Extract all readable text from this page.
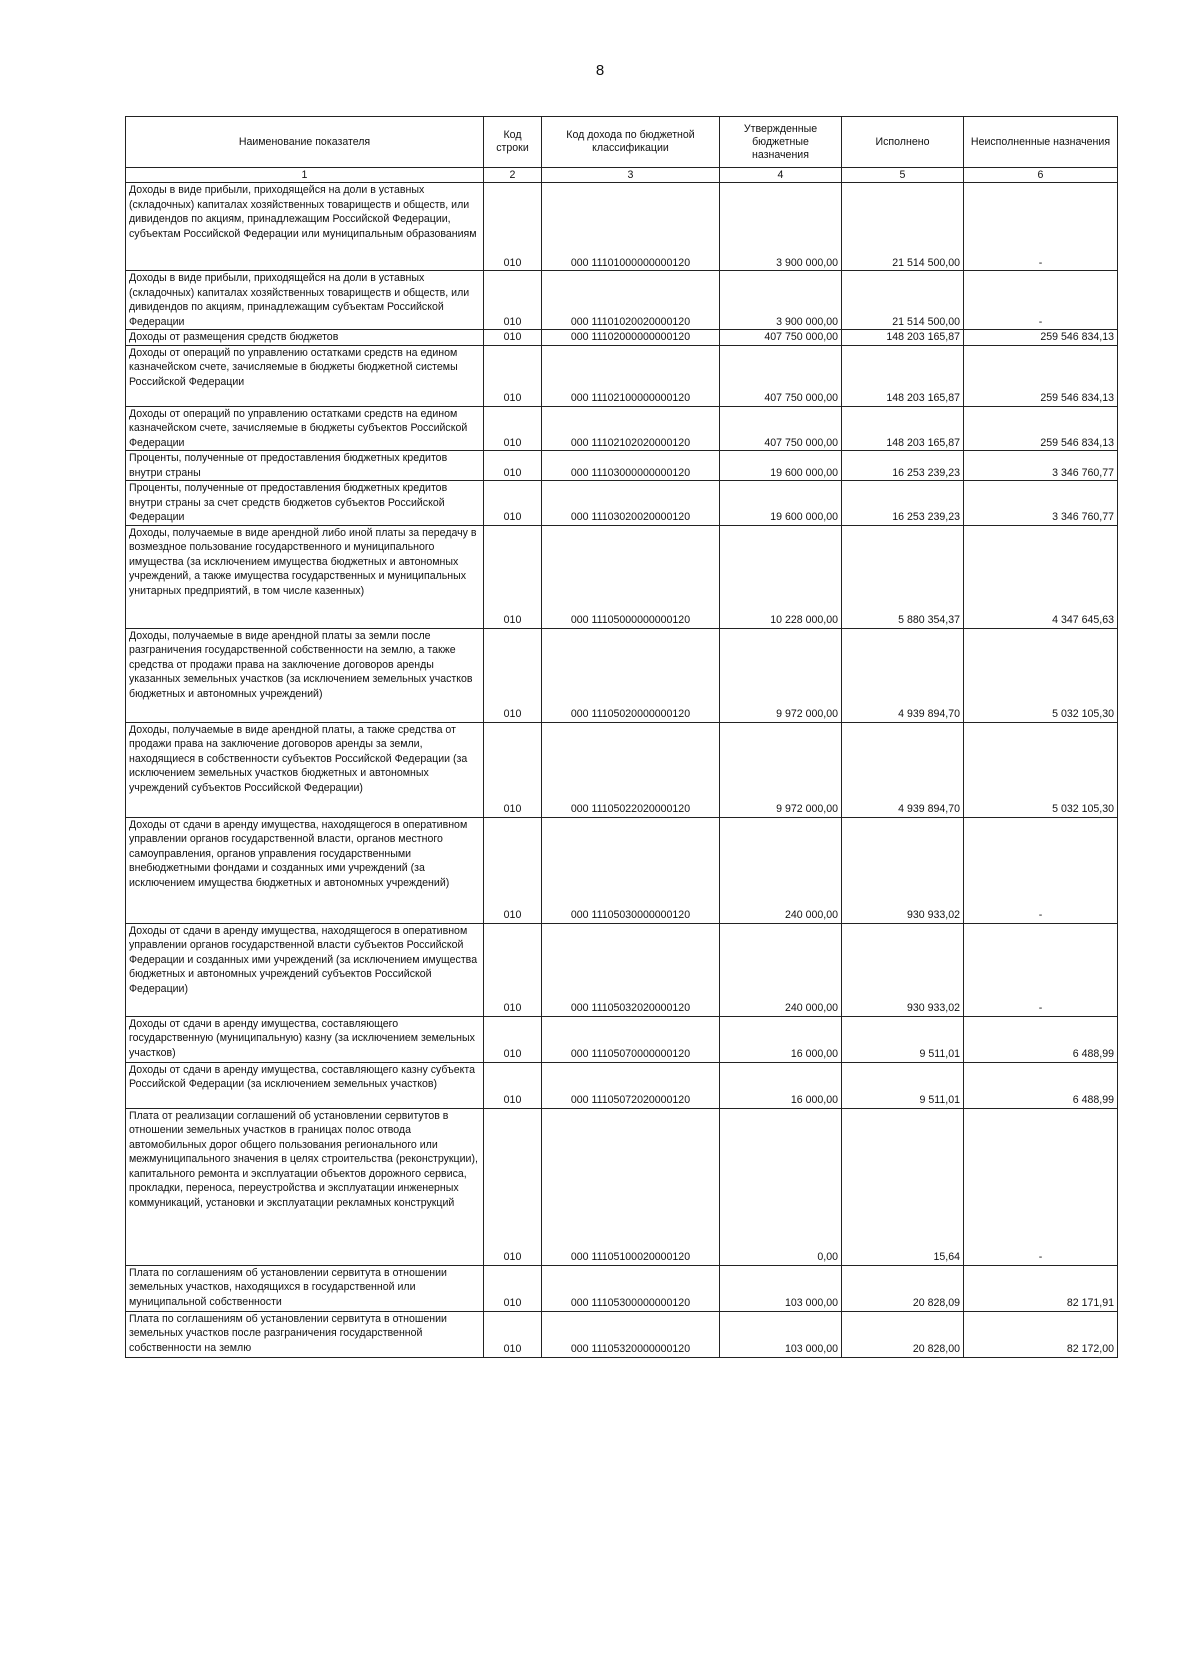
8
Наименование показателя	Код строки	Код дохода по бюджетной классификации	Утвержденные бюджетные назначения	Исполнено	Неисполненные назначения
1	2	3	4	5	6
Доходы в виде прибыли, приходящейся на доли в уставных (складочных) капиталах хозяйственных товариществ и обществ, или дивидендов по акциям, принадлежащим Российской Федерации, субъектам Российской Федерации или муниципальным образованиям	010	000 11101000000000120	3 900 000,00	21 514 500,00	-
Доходы в виде прибыли, приходящейся на доли в уставных (складочных) капиталах хозяйственных товариществ и обществ, или дивидендов по акциям, принадлежащим субъектам Российской Федерации	010	000 11101020020000120	3 900 000,00	21 514 500,00	-
Доходы от размещения средств бюджетов	010	000 11102000000000120	407 750 000,00	148 203 165,87	259 546 834,13
Доходы от операций по управлению остатками средств на едином казначейском счете, зачисляемые в бюджеты бюджетной системы Российской Федерации	010	000 11102100000000120	407 750 000,00	148 203 165,87	259 546 834,13
Доходы от операций по управлению остатками средств на едином казначейском счете, зачисляемые в бюджеты субъектов Российской Федерации	010	000 11102102020000120	407 750 000,00	148 203 165,87	259 546 834,13
Проценты, полученные от предоставления бюджетных кредитов внутри страны	010	000 11103000000000120	19 600 000,00	16 253 239,23	3 346 760,77
Проценты, полученные от предоставления бюджетных кредитов внутри страны за счет средств бюджетов субъектов Российской Федерации	010	000 11103020020000120	19 600 000,00	16 253 239,23	3 346 760,77
Доходы, получаемые в виде арендной либо иной платы за передачу в возмездное пользование государственного и муниципального имущества (за исключением имущества бюджетных и автономных учреждений, а также имущества государственных и муниципальных унитарных предприятий, в том числе казенных)	010	000 11105000000000120	10 228 000,00	5 880 354,37	4 347 645,63
Доходы, получаемые в виде арендной платы за земли после разграничения государственной собственности на землю, а также средства от продажи права на заключение договоров аренды указанных земельных участков (за исключением земельных участков бюджетных и автономных учреждений)	010	000 11105020000000120	9 972 000,00	4 939 894,70	5 032 105,30
Доходы, получаемые в виде арендной платы, а также средства от продажи права на заключение договоров аренды за земли, находящиеся в собственности субъектов Российской Федерации (за исключением земельных участков бюджетных и автономных учреждений субъектов Российской Федерации)	010	000 11105022020000120	9 972 000,00	4 939 894,70	5 032 105,30
Доходы от сдачи в аренду имущества, находящегося в оперативном управлении органов государственной власти, органов местного самоуправления, органов управления государственными внебюджетными фондами и созданных ими учреждений (за исключением имущества бюджетных и автономных учреждений)	010	000 11105030000000120	240 000,00	930 933,02	-
Доходы от сдачи в аренду имущества, находящегося в оперативном управлении органов государственной власти субъектов Российской Федерации и созданных ими учреждений (за исключением имущества бюджетных и автономных учреждений субъектов Российской Федерации)	010	000 11105032020000120	240 000,00	930 933,02	-
Доходы от сдачи в аренду имущества, составляющего государственную (муниципальную) казну (за исключением земельных участков)	010	000 11105070000000120	16 000,00	9 511,01	6 488,99
Доходы от сдачи в аренду имущества, составляющего казну субъекта Российской Федерации (за исключением земельных участков)	010	000 11105072020000120	16 000,00	9 511,01	6 488,99
Плата от реализации соглашений об установлении сервитутов в отношении земельных участков в границах полос отвода автомобильных дорог общего пользования регионального или межмуниципального значения в целях строительства (реконструкции), капитального ремонта и эксплуатации объектов дорожного сервиса, прокладки, переноса, переустройства и эксплуатации инженерных коммуникаций, установки и эксплуатации рекламных конструкций	010	000 11105100020000120	0,00	15,64	-
Плата по соглашениям об установлении сервитута в отношении земельных участков, находящихся в государственной или муниципальной собственности	010	000 11105300000000120	103 000,00	20 828,09	82 171,91
Плата по соглашениям об установлении сервитута в отношении земельных участков после разграничения государственной собственности на землю	010	000 11105320000000120	103 000,00	20 828,00	82 172,00
